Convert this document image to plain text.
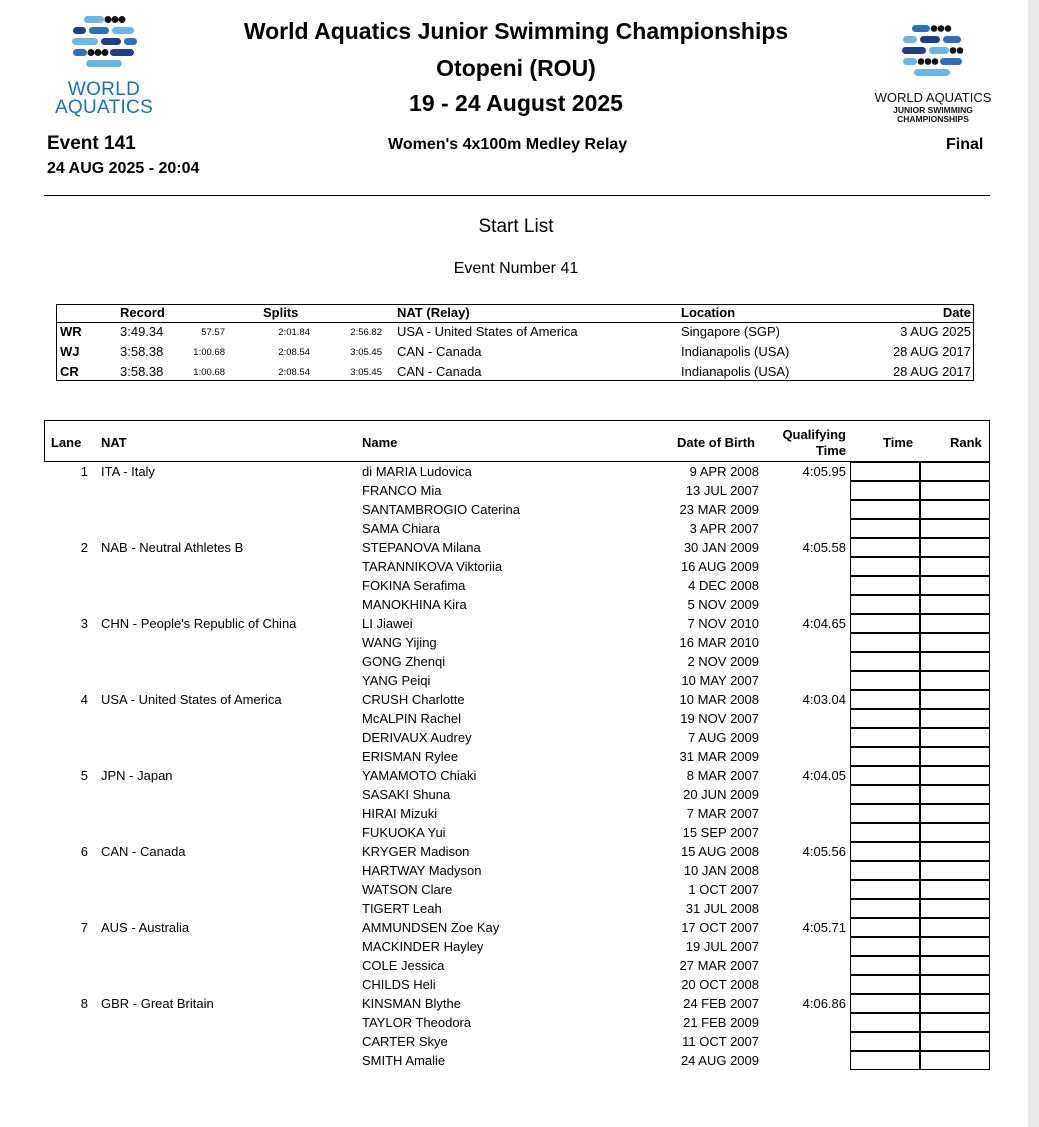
WORLD
AQUATICS
World Aquatics Junior Swimming Championships
Otopeni (ROU)
19 - 24 August 2025	WORLD AQUATICS
JUNIOR SWIMMING
CHAMPIONSHIPS
Event 141
24 AUG 2025 - 20:04
Women's 4x100m Medley Relay	Final
Start List
Event Number 41
Record	Splits	NAT (Relay)	Location	Date
WR	3:49.34	57.57	2:01.84	2:56.82 USA - United States of America	Singapore (SGP)	3 AUG 2025
WJ	3:58.38	1:00.68	2:08.54	3:05.45 CAN - Canada	Indianapolis (USA)	28 AUG 2017
CR	3:58.38	1:00.68	2:08.54	3:05.45 CAN - Canada	Indianapolis (USA)	28 AUG 2017
Lane NAT	Name	Date of Birth
Qualifying
Time
Time	Rank
1 ITA - Italy	di MARIA Ludovica	9 APR 2008	4:05.95
FRANCO Mia	13 JUL 2007
SANTAMBROGIO Caterina	23 MAR 2009
SAMA Chiara	3 APR 2007
2 NAB - Neutral Athletes B	STEPANOVA Milana	30 JAN 2009	4:05.58
TARANNIKOVA Viktoriia	16 AUG 2009
FOKINA Serafima	4 DEC 2008
MANOKHINA Kira	5 NOV 2009
3 CHN - People's Republic of China	LI Jiawei	7 NOV 2010	4:04.65
WANG Yijing	16 MAR 2010
GONG Zhenqi	2 NOV 2009
YANG Peiqi	10 MAY 2007
4 USA - United States of America	CRUSH Charlotte	10 MAR 2008	4:03.04
McALPIN Rachel	19 NOV 2007
DERIVAUX Audrey	7 AUG 2009
ERISMAN Rylee	31 MAR 2009
5 JPN - Japan	YAMAMOTO Chiaki	8 MAR 2007	4:04.05
SASAKI Shuna	20 JUN 2009
HIRAI Mizuki	7 MAR 2007
FUKUOKA Yui	15 SEP 2007
6 CAN - Canada	KRYGER Madison	15 AUG 2008	4:05.56
HARTWAY Madyson	10 JAN 2008
WATSON Clare	1 OCT 2007
TIGERT Leah	31 JUL 2008
7 AUS - Australia	AMMUNDSEN Zoe Kay	17 OCT 2007	4:05.71
MACKINDER Hayley	19 JUL 2007
COLE Jessica	27 MAR 2007
CHILDS Heli	20 OCT 2008
8 GBR - Great Britain	KINSMAN Blythe	24 FEB 2007	4:06.86
TAYLOR Theodora	21 FEB 2009
CARTER Skye	11 OCT 2007
SMITH Amalie	24 AUG 2009
